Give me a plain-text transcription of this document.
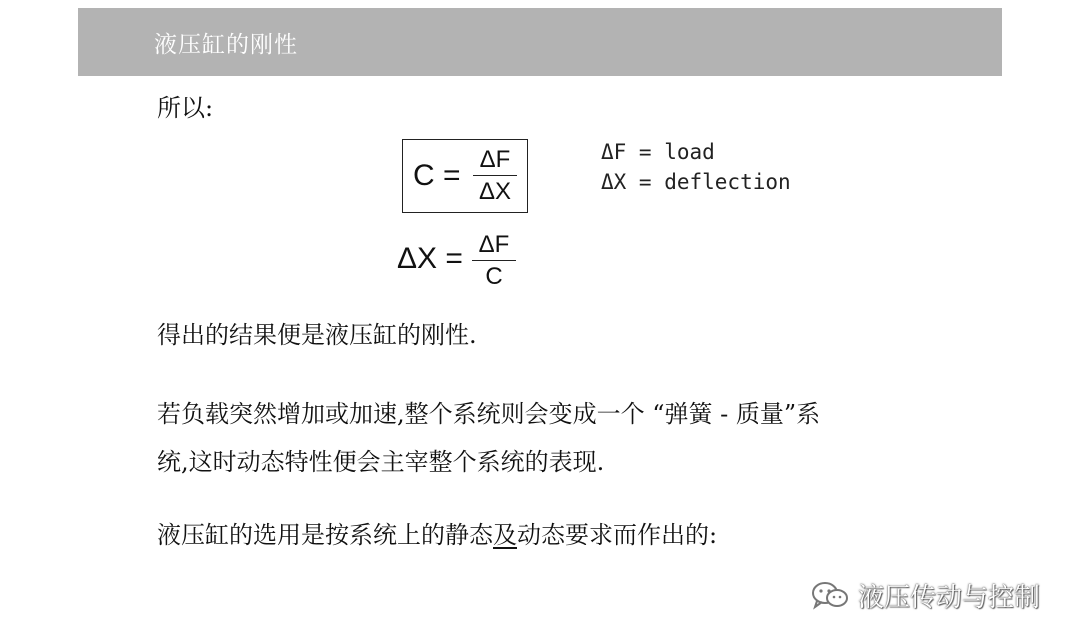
液压缸的刚性
所以:
C = ΔF
ΔX
ΔX = ΔF
C
ΔF = load
ΔX = deflection
得出的结果便是液压缸的刚性.
若负载突然增加或加速,整个系统则会变成一个 “弹簧 - 质量”系
统,这时动态特性便会主宰整个系统的表现.
液压缸的选用是按系统上的静态及动态要求而作出的:
液压传动与控制
